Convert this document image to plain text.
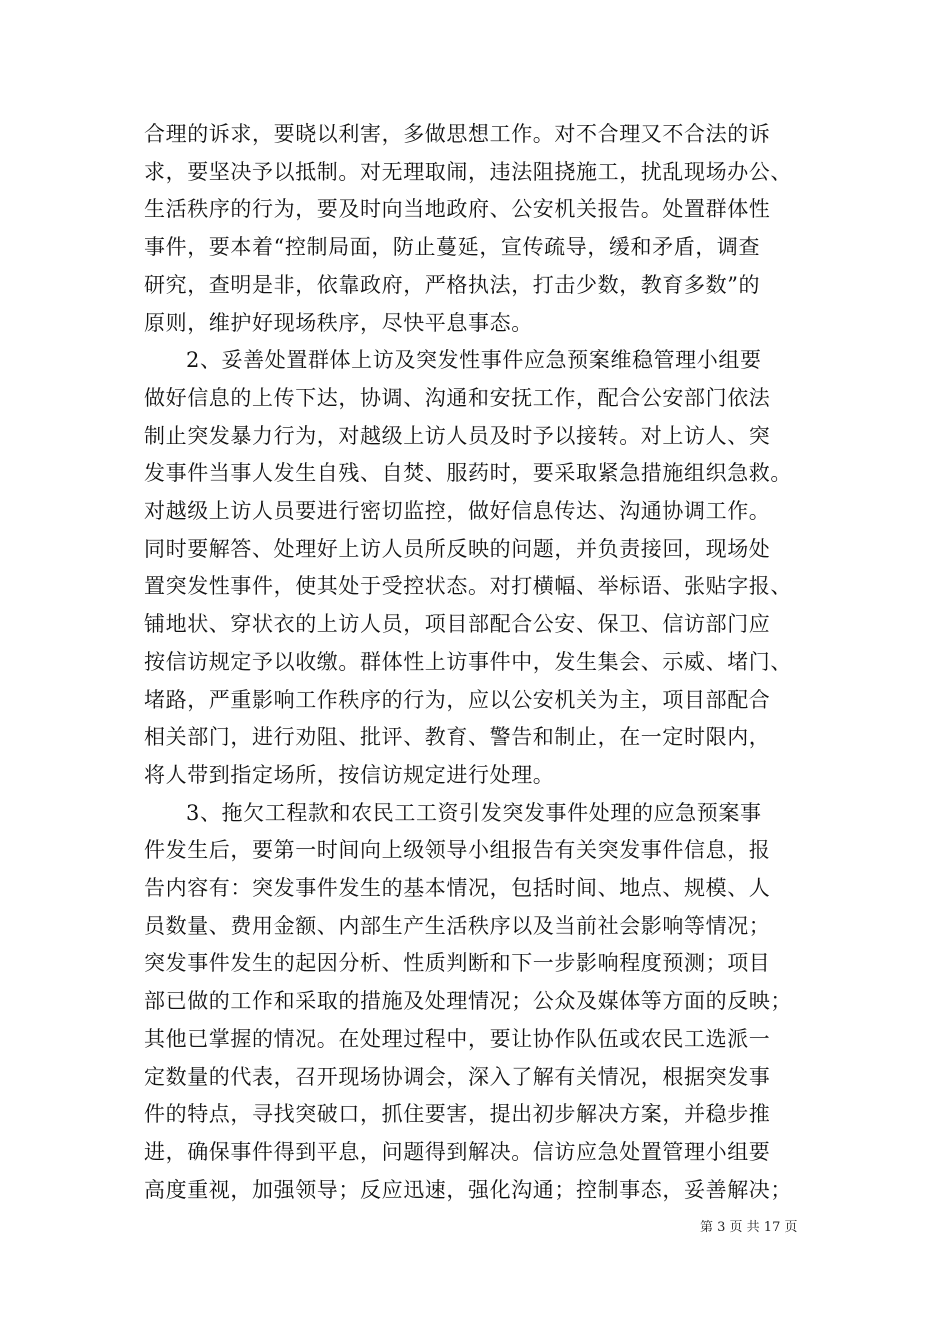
合理的诉求，要晓以利害，多做思想工作。对不合理又不合法的诉
求，要坚决予以抵制。对无理取闹，违法阻挠施工，扰乱现场办公、
生活秩序的行为，要及时向当地政府、公安机关报告。处置群体性
事件，要本着“控制局面，防止蔓延，宣传疏导，缓和矛盾，调查
研究，查明是非，依靠政府，严格执法，打击少数，教育多数”的
原则，维护好现场秩序，尽快平息事态。
2、妥善处置群体上访及突发性事件应急预案维稳管理小组要
做好信息的上传下达，协调、沟通和安抚工作，配合公安部门依法
制止突发暴力行为，对越级上访人员及时予以接转。对上访人、突
发事件当事人发生自残、自焚、服药时，要采取紧急措施组织急救。
对越级上访人员要进行密切监控，做好信息传达、沟通协调工作。
同时要解答、处理好上访人员所反映的问题，并负责接回，现场处
置突发性事件，使其处于受控状态。对打横幅、举标语、张贴字报、
铺地状、穿状衣的上访人员，项目部配合公安、保卫、信访部门应
按信访规定予以收缴。群体性上访事件中，发生集会、示威、堵门、
堵路，严重影响工作秩序的行为，应以公安机关为主，项目部配合
相关部门，进行劝阻、批评、教育、警告和制止，在一定时限内，
将人带到指定场所，按信访规定进行处理。
3、拖欠工程款和农民工工资引发突发事件处理的应急预案事
件发生后，要第一时间向上级领导小组报告有关突发事件信息，报
告内容有：突发事件发生的基本情况，包括时间、地点、规模、人
员数量、费用金额、内部生产生活秩序以及当前社会影响等情况；
突发事件发生的起因分析、性质判断和下一步影响程度预测；项目
部已做的工作和采取的措施及处理情况；公众及媒体等方面的反映；
其他已掌握的情况。在处理过程中，要让协作队伍或农民工选派一
定数量的代表，召开现场协调会，深入了解有关情况，根据突发事
件的特点，寻找突破口，抓住要害，提出初步解决方案，并稳步推
进，确保事件得到平息，问题得到解决。信访应急处置管理小组要
高度重视，加强领导；反应迅速，强化沟通；控制事态，妥善解决；
第 3 页 共 17 页
